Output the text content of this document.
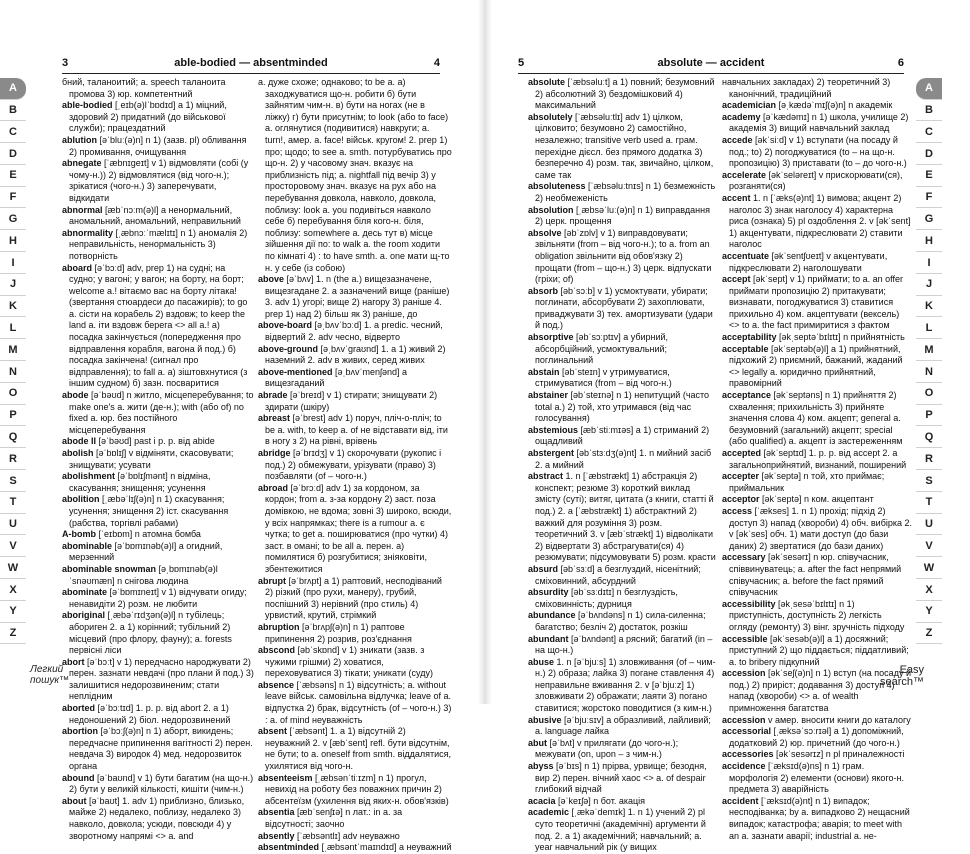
3	able-bodied — absentminded	4

бний, таланоитий; a. speech таланоита промова 3) юр. компетентний

able-bodied [ˌeɪb(ə)lˈbɒdɪd] a 1) міцний, здоровий 2) придатний (до військової служби); працездатний

ablution [əˈbluː(ə)n] n 1) (зазв. pl) обливання 2) промивання, очищування

abnegate [ˈæbnɪgeɪt] v 1) відмовляти (собі (у чому-н.)) 2) відмовлятися (від чого-н.); зрікатися (чого-н.) 3) заперечувати, відкидати

abnormal [æbˈnɔːm(ə)l] a ненормальний, аномальний, аномальний, неправильний

abnormality [ˌæbnɔːˈmælɪtɪ] n 1) аномалія 2) неправильність, ненормальність 3) потворність

aboard [əˈbɔːd] adv, prep 1) на судні; на судно; у вагоні; у вагон; на борту, на борт; welcome a.! вітаємо вас на борту літака! (звертання стюардеси до пасажирів); to go a. сісти на корабель 2) вздовж; to keep the land a. іти вздовж берега <> all a.! а) посадка закінчується (попередження про відправлення корабля, вагона й под.) б) посадка закінчена! (сигнал про відправлення); to fall a. a) зіштовхнутися (з іншим судном) б) зазн. посваритися

abode [əˈbəʊd] n житло, місцеперебування; to make one's a. жити (де-н.); with (або of) no fixed a. юр. без постійного місцеперебування

abode II [əˈbəʊd] past і p. p. від abide

abolish [əˈbɒlɪʃ] v відміняти, скасовувати; знищувати; усувати

abolishment [əˈbɒlɪʃmənt] n відміна, скасування; знищення; усунення

abolition [ˌæbəˈlɪʃ(ə)n] n 1) скасування; усунення; знищення 2) icт. скасування (рабства, торгівлі рабами)

A-bomb [ˈeɪbɒm] n атомна бомба

abominable [əˈbɒmɪnəb(ə)l] a огидний, мерзенний

abominable snowman [əˌbɒmɪnəb(ə)l ˈsnəʊmæn] n снігова людина

abominate [əˈbɒmɪneɪt] v 1) відчувати огиду; ненавидіти 2) розм. не любити

aboriginal [ˌæbəˈrɪdʒən(ə)l] n тубілець; абориген 2. a 1) корінний; тубільний 2) місцевий (про флору, фауну); a. forests первісні ліси

abort [əˈbɔːt] v 1) передчасно народжувати 2) перен. зазнати невдачі (про плани й под.) 3) залишитися недорозвиненим; стати неплідним

aborted [əˈbɔːtɪd] 1. p. p. від abort 2. a 1) недоношений 2) біол. недорозвинений

abortion [əˈbɔːʃ(ə)n] n 1) аборт, викидень; передчасне припинення вагітності 2) перен. невдача 3) виродок 4) мед. недорозвиток органа

abound [əˈbaʊnd] v 1) бути багатим (на що-н.) 2) бути у великій кількості, кишіти (чим-н.)

about [əˈbaʊt] 1. adv 1) приблизно, близько, майже 2) недалеко, поблизу, недалеко 3) навколо, довкола; усюди, повсюди 4) у зворотному напрямі <> a. and

a. дуже схоже; однаково; to be a. a) заходжуватися що-н. робити б) бути зайнятим чим-н. в) бути на ногах (не в ліжку) г) бути присутнім; to look (або to face) a. оглянутися (подивитися) навкруги; a. turn!, амер. a. face! військ. кругом! 2. prep 1) про; щодо; to see a. smth. потурбуватись про що-н. 2) у часовому знач. вказує на приблизність під; a. nightfall під вечір 3) у просторовому знач. вказує на рух або на перебування довкола, навколо, довкола, поблизу: look a. you подивіться навколо себе б) перебування біля кого-н. біля, поблизу: somewhere a. десь тут в) місце зійшення дії по: to walk a. the room ходити по кімнаті 4) : to have smth. a. one мати щ-то н. у себе (із собою)

above [əˈbʌv] 1. n (the a.) вищезазначене, вищезгадане 2. a зазначений вище (раніше) 3. adv 1) угорі; вище 2) нагору 3) раніше 4. prep 1) над 2) більш як 3) раніше, до

above-board [əˌbʌvˈbɔːd] 1. a predic. чесний, відвертий 2. adv чесно, відверто

above-ground [əˌbʌvˈgraʊnd] 1. a 1) живий 2) наземний 2. adv в живих, серед живих

above-mentioned [əˌbʌvˈmenʃənd] a вищезгаданий

abrade [əˈbreɪd] v 1) стирати; знищувати 2) здирати (шкіру)

abreast [əˈbrest] adv 1) поруч, пліч-о-пліч; to be a. with, to keep a. of не відставати від, іти в ногу з 2) на рівні, врівень

abridge [əˈbrɪdʒ] v 1) скорочувати (рукопис і под.) 2) обмежувати, урізувати (право) 3) позбавляти (of – чого-н.)

abroad [əˈbrɔːd] adv 1) за кордоном, за кордон; from a. з-за кордону 2) заст. поза домівкою, не вдома; зовні 3) широко, всюди, у всіх напрямках; there is a rumour a. є чутка; to get a. поширюватися (про чутки) 4) заст. в омані; to be all a. перен. a) помилятися б) розгубитися; знiяковіти, збентежитися

abrupt [əˈbrʌpt] a 1) раптовий, несподіваний 2) різкий (про рухи, манеру), грубий, поспішний 3) нерівний (про стиль) 4) урвистий, крутий, стрімкий

abruption [əˈbrʌpʃ(ə)n] n 1) раптове припинення 2) розрив, роз'єднання

abscond [əbˈskɒnd] v 1) зникати (зазв. з чужими грішми) 2) ховатися, переховуватися 3) тікати; уникати (суду)

absence [ˈæbsəns] n 1) відсутність; a. without leave військ. самовільна відлучка; leave of a. відпустка 2) брак, відсутність (of – чого-н.) 3) : a. of mind неуважність

absent [ˈæbsənt] 1. a 1) відсутній 2) неуважний 2. v [æbˈsent] refl. бути відсутнім, не бути; to a. oneself from smth. віддалятися, ухилятися від чого-н.

absenteeism [ˌæbsənˈtiːɪzm] n 1) прогул, невихід на роботу без поважних причин 2) абсентеїзм (ухилення від яких-н. обов'язків)

absentia [æbˈsenʃɪə] n лат.: in a. за відсутності; заочно

absently [ˈæbsəntlɪ] adv неуважно

absentminded [ˌæbsəntˈmaɪndɪd] a неуважний

5	absolute — accident	6

absolute [ˈæbsəluːt] a 1) повний; безумовний 2) абсолютний 3) бездомішковий 4) максимальний

absolutely [ˈæbsəluːtlɪ] adv 1) цілком, цілковито; безумовно 2) самостійно, незалежно; transitive verb used a. грам. перехідне дієсл. без прямого додатка 3) безперечно 4) розм. так, звичайно, цілком, саме так

absoluteness [ˈæbsəluːtnɪs] n 1) безмежність 2) необмеженість

absolution [ˌæbsəˈluː(ə)n] n 1) виправдання 2) церк. прощення

absolve [əbˈzɒlv] v 1) виправдовувати; звільняти (from – від чого-н.); to a. from an obligation звільнити від обов'язку 2) прощати (from – що-н.) 3) церк. відпускати (гріхи; of)

absorb [əbˈsɔːb] v 1) усмоктувати, убирати; поглинати, абсорбувати 2) захоплювати, приваджувати 3) тех. амортизувати (удари й под.)

absorptive [əbˈsɔːptɪv] a убирний, абсорбційний, усмоктувальний; поглинальний

abstain [əbˈsteɪn] v утримуватися, стримуватися (from – від чого-н.)

abstainer [əbˈsteɪnə] n 1) непитущий (часто total a.) 2) той, хто утримався (від час голосування)

abstemious [æbˈstiːmɪəs] a 1) стриманий 2) ощадливий

abstergent [əbˈstɜːdʒ(ə)nt] 1. n мийний засіб 2. a мийний

abstract 1. n [ˈæbstrækt] 1) абстракція 2) конспект; резюме 3) короткий виклад змісту (суті); витяг, цитата (з книги, статті й под.) 2. a [ˈæbstrækt] 1) абстрактний 2) важкий для розуміння 3) розм. теоретичний 3. v [æbˈstrækt] 1) відволікати 2) відвертати 3) абстрагувати(ся) 4) резюмувати; підсумовувати 5) розм. красти

absurd [əbˈsɜːd] a безглуздий, нісенітний; сміховинний, абсурдний

absurdity [əbˈsɜːdɪtɪ] n безглуздість, сміховинність; дурниця

abundance [əˈbʌndəns] n 1) сила-силенна; багатство; безліч 2) достаток, розкіш

abundant [əˈbʌndənt] a рясний; багатий (in – на що-н.)

abuse 1. n [əˈbjuːs] 1) зловживання (of – чим-н.) 2) образа; лайка 3) погане ставлення 4) неправильне вживання 2. v [əˈbjuːz] 1) зловживати 2) ображати; лаяти 3) погано ставитися; жорстоко поводитися (з ким-н.)

abusive [əˈbjuːsɪv] a образливий, лайливий; a. language лайка

abut [əˈbʌt] v прилягати (до чого-н.); межувати (on, upon – з чим-н.)

abyss [əˈbɪs] n 1) прірва, урвище; безодня, вир 2) перен. вічний хаос <> a. of despair глибокий відчай

acacia [əˈkeɪʃə] n бот. акація

academic [ˌækəˈdemɪk] 1. n 1) учений 2) pl суто теоретичні (академічні) аргументи й под. 2. a 1) академічний; навчальний; a. year навчальний рік (у вищих

навчальних закладах) 2) теоретичний 3) канонічний, традиційний

academician [əˌkædəˈmɪʃ(ə)n] n академік

academy [əˈkædəmɪ] n 1) школа, училище 2) академія 3) вищий навчальний заклад

accede [əkˈsiːd] v 1) вступати (на посаду й под.; to) 2) погоджуватися (to – на що-н. пропозицію) 3) приставати (to – до чого-н.)

accelerate [əkˈseləreɪt] v прискорювати(ся), розганяти(ся)

accent 1. n [ˈæks(ə)nt] 1) вимова; акцент 2) наголос 3) знак наголосу 4) характерна риса (ознака) 5) pl оздоблення 2. v [əkˈsent] 1) акцентувати, підкреслювати 2) ставити наголос

accentuate [əkˈsentʃʊeɪt] v акцентувати, підкреслювати 2) наголошувати

accept [əkˈsept] v 1) приймати; to a. an offer приймати пропозицію 2) притакувати; визнавати, погоджуватися 3) ставитися прихильно 4) ком. акцептувати (вексель) <> to a. the fact примиритися з фактом

acceptability [əkˌseptəˈbɪlɪtɪ] n прийнятність

acceptable [əkˈseptəb(ə)l] a 1) прийнятний, підхожий 2) приємний, бажаний, жаданий <> legally a. юридично прийнятний, правомірний

acceptance [əkˈseptəns] n 1) прийняття 2) схвалення; прихильність 3) прийняте значення слова 4) ком. акцепт; general a. безумовний (загальний) акцепт; special (або qualified) a. акцепт із застереженням

accepted [əkˈseptɪd] 1. p. p. від accept 2. a загальноприйнятий, визнаний, поширений

accepter [əkˈseptə] n той, хто приймає; приймальник

acceptor [əkˈseptə] n ком. акцептант

access [ˈækses] 1. n 1) прохід; підхід 2) доступ 3) напад (хвороби) 4) обч. вибірка 2. v [əkˈses] обч. 1) мати доступ (до бази даних) 2) звертатися (до бази даних)

accessary [əkˈsesərɪ] n юр. співучасник, співвинуватець; a. after the fact непрямий співучасник; a. before the fact прямий співучасник

accessibility [əkˌsesəˈbɪlɪtɪ] n 1) приступність, доступність 2) легкість огляду (ремонту) 3) вінг. зручність підходу

accessible [əkˈsesəb(ə)l] a 1) досяжний; приступний 2) що піддається; піддатливий; a. to bribery підкупний

accession [əkˈseʃ(ə)n] n 1) вступ (на посаду й под.) 2) приріст; додавання 3) доступ 4) напад (хвороби) <> a. of wealth примноження багатства

accession v амер. вносити книги до каталогу

accessorial [ˌæksəˈsɔːrɪəl] a 1) допоміжний, додатковий 2) юр. причетний (до чого-н.)

accessories [əkˈsesərɪz] n pl приналежності

accidence [ˈæksɪd(ə)ns] n 1) грам. морфологія 2) елементи (основи) якого-н. предмета 3) аварійність

accident [ˈæksɪd(ə)nt] n 1) випадок; несподіванка; by a. випадково 2) нещасний випадок; катастрофа; аварія; to meet with an a. зазнати аварії; industrial a. не-

A
B
C
D
E
F
G
H
I
J
K
L
M
N
O
P
Q
R
S
T
U
V
W
X
Y
Z
A
B
C
D
E
F
G
H
I
J
K
L
M
N
O
P
Q
R
S
T
U
V
W
X
Y
Z
Легкий
пошук™
Easy
search™
